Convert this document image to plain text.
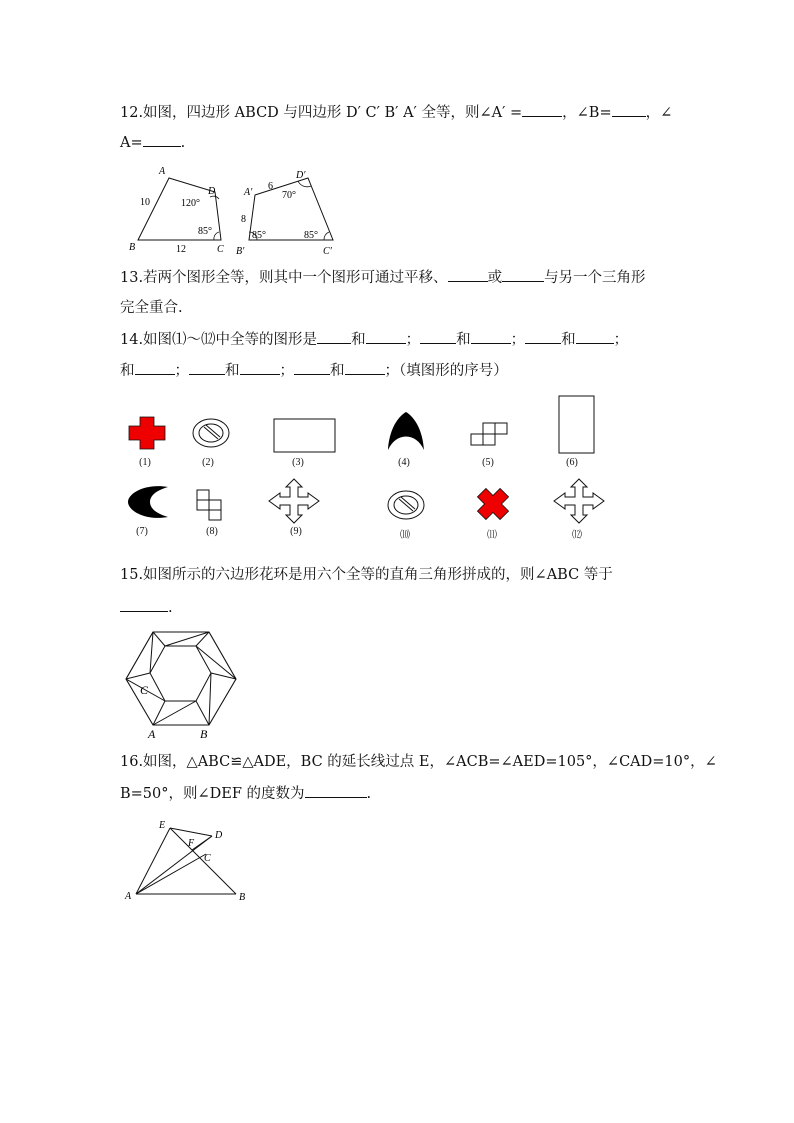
12.如图，四边形 ABCD 与四边形 D′ C′ B′ A′ 全等，则∠A′ =	，∠B= ，∠
A=	.
A
D
B	C
10
12
120°
85°
A′
D′
B′	C′
6
8
70°
85°	85°
13.若两个图形全等，则其中一个图形可通过平移、	或	与另一个三角形
完全重合.
14.如图⑴～⑿中全等的图形是 和	； 和	； 和	；
和	； 和	； 和	；（填图形的序号）
(1)	(2)	(3)	(4)	(5)	(6)
(7)	(8)	(9)	⑽	⑾	⑿
15.如图所示的六边形花环是用六个全等的直角三角形拼成的，则∠ABC 等于
.
C
A	B
16.如图，△ABC≌△ADE，BC 的延长线过点 E，∠ACB=∠AED=105°，∠CAD=10°，∠
B=50°，则∠DEF 的度数为	.
E
D
F
C
A	B
